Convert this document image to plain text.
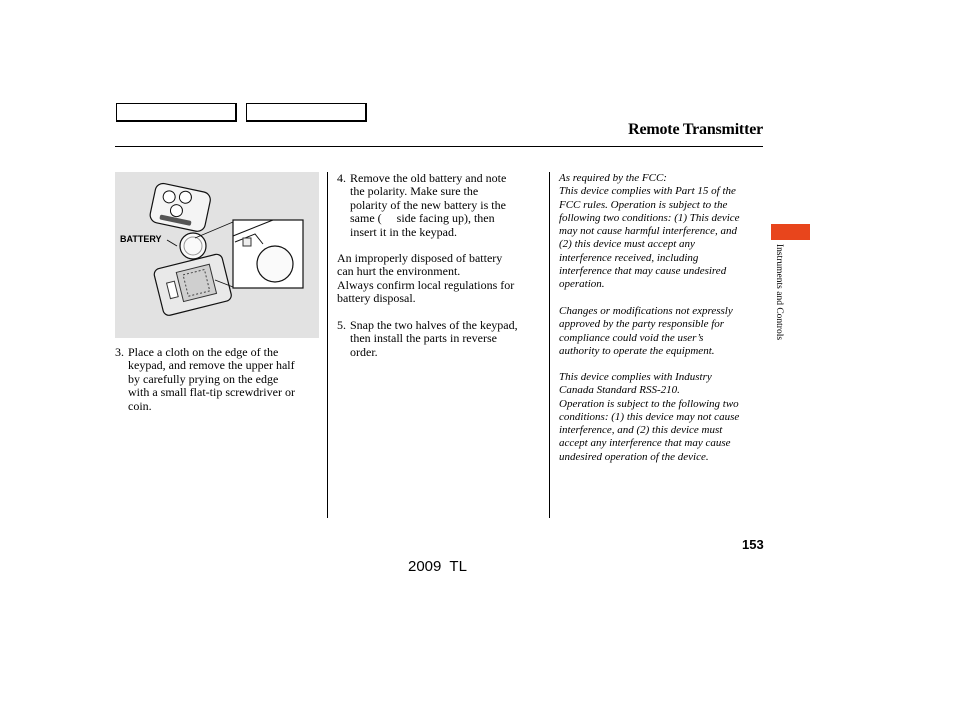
Remote Transmitter
BATTERY
3. Place a cloth on the edge of the
keypad, and remove the upper half
by carefully prying on the edge
with a small flat-tip screwdriver or
coin.
4. Remove the old battery and note
the polarity. Make sure the
polarity of the new battery is the
same (     side facing up), then
insert it in the keypad.
An improperly disposed of battery
can hurt the environment.
Always confirm local regulations for
battery disposal.
5. Snap the two halves of the keypad,
then install the parts in reverse
order.
As required by the FCC:
This device complies with Part 15 of the
FCC rules. Operation is subject to the
following two conditions: (1) This device
may not cause harmful interference, and
(2) this device must accept any
interference received, including
interference that may cause undesired
operation.
Changes or modifications not expressly
approved by the party responsible for
compliance could void the user’s
authority to operate the equipment.
This device complies with Industry
Canada Standard RSS-210.
Operation is subject to the following two
conditions: (1) this device may not cause
interference, and (2) this device must
accept any interference that may cause
undesired operation of the device.
Instruments and Controls
153
2009  TL
